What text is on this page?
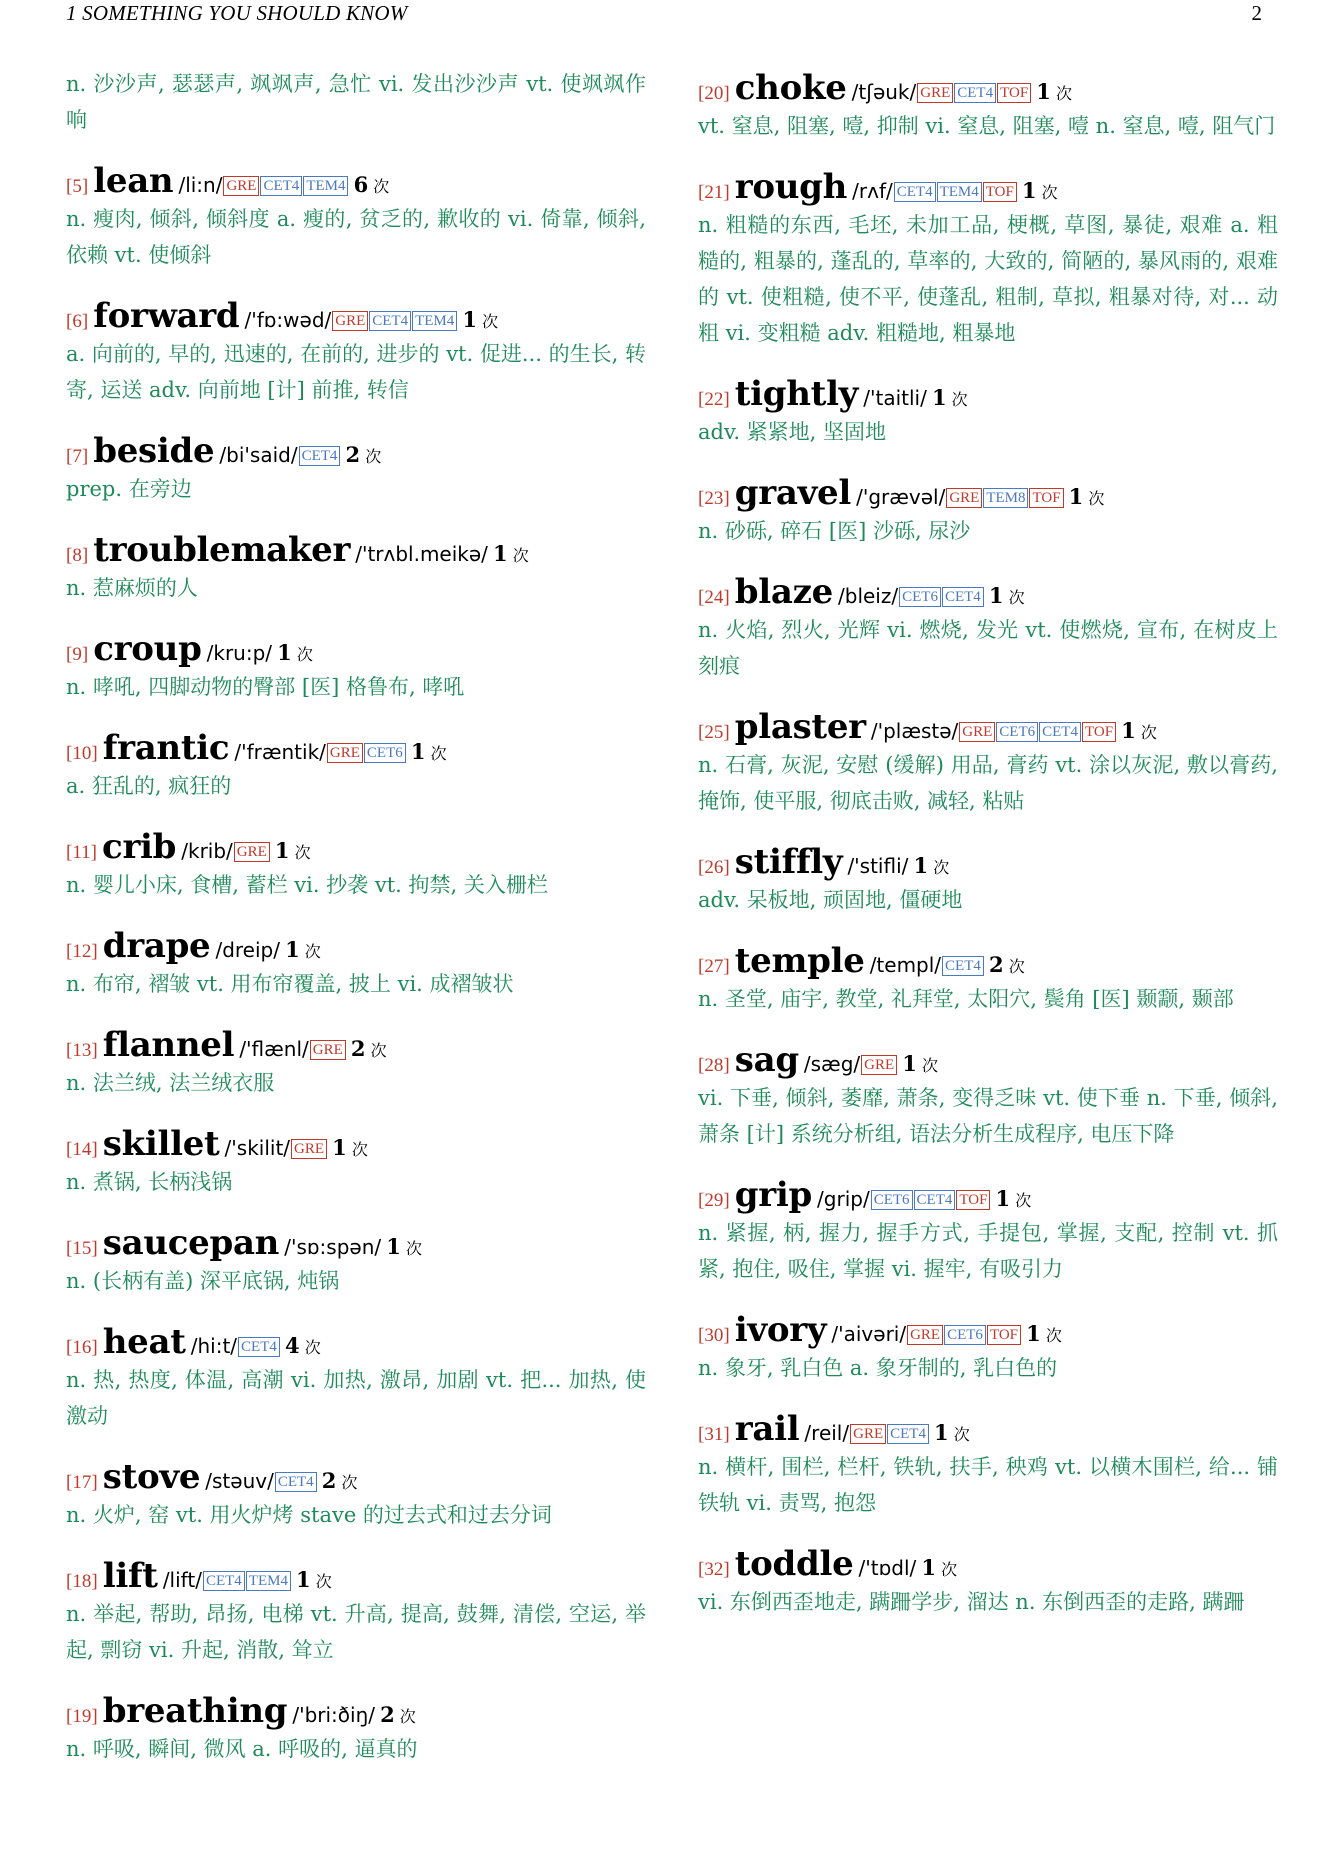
1 SOMETHING YOU SHOULD KNOW	2
n. 沙沙声, 瑟瑟声, 飒飒声, 急忙 vi. 发出沙沙声 vt. 使飒飒作响
[5] lean /li:n/ GRE CET4 TEM4 6 次
n. 瘦肉, 倾斜, 倾斜度 a. 瘦的, 贫乏的, 歉收的 vi. 倚靠, 倾斜, 依赖 vt. 使倾斜
[6] forward /'fɒ:wəd/ GRE CET4 TEM4 1 次
a. 向前的, 早的, 迅速的, 在前的, 进步的 vt. 促进... 的生长, 转寄, 运送 adv. 向前地 [计] 前推, 转信
[7] beside /bi'said/ CET4 2 次
prep. 在旁边
[8] troublemaker /'trʌbl.meikə/ 1 次
n. 惹麻烦的人
[9] croup /kru:p/ 1 次
n. 哮吼, 四脚动物的臀部 [医] 格鲁布, 哮吼
[10] frantic /'fræntik/ GRE CET6 1 次
a. 狂乱的, 疯狂的
[11] crib /krib/ GRE 1 次
n. 婴儿小床, 食槽, 蓄栏 vi. 抄袭 vt. 拘禁, 关入栅栏
[12] drape /dreip/ 1 次
n. 布帘, 褶皱 vt. 用布帘覆盖, 披上 vi. 成褶皱状
[13] flannel /'flænl/ GRE 2 次
n. 法兰绒, 法兰绒衣服
[14] skillet /'skilit/ GRE 1 次
n. 煮锅, 长柄浅锅
[15] saucepan /'sɒ:spən/ 1 次
n. (长柄有盖) 深平底锅, 炖锅
[16] heat /hi:t/ CET4 4 次
n. 热, 热度, 体温, 高潮 vi. 加热, 激昂, 加剧 vt. 把... 加热, 使激动
[17] stove /stəuv/ CET4 2 次
n. 火炉, 窑 vt. 用火炉烤 stave 的过去式和过去分词
[18] lift /lift/ CET4 TEM4 1 次
n. 举起, 帮助, 昂扬, 电梯 vt. 升高, 提高, 鼓舞, 清偿, 空运, 举起, 剽窃 vi. 升起, 消散, 耸立
[19] breathing /'bri:ðiŋ/ 2 次
n. 呼吸, 瞬间, 微风 a. 呼吸的, 逼真的
[20] choke /tʃəuk/ GRE CET4 TOF 1 次
vt. 窒息, 阻塞, 噎, 抑制 vi. 窒息, 阻塞, 噎 n. 窒息, 噎, 阻气门
[21] rough /rʌf/ CET4 TEM4 TOF 1 次
n. 粗糙的东西, 毛坯, 未加工品, 梗概, 草图, 暴徒, 艰难 a. 粗糙的, 粗暴的, 蓬乱的, 草率的, 大致的, 简陋的, 暴风雨的, 艰难的 vt. 使粗糙, 使不平, 使蓬乱, 粗制, 草拟, 粗暴对待, 对... 动粗 vi. 变粗糙 adv. 粗糙地, 粗暴地
[22] tightly /'taitli/ 1 次
adv. 紧紧地, 坚固地
[23] gravel /'grævəl/ GRE TEM8 TOF 1 次
n. 砂砾, 碎石 [医] 沙砾, 尿沙
[24] blaze /bleiz/ CET6 CET4 1 次
n. 火焰, 烈火, 光辉 vi. 燃烧, 发光 vt. 使燃烧, 宣布, 在树皮上刻痕
[25] plaster /'plæstə/ GRE CET6 CET4 TOF 1 次
n. 石膏, 灰泥, 安慰 (缓解) 用品, 膏药 vt. 涂以灰泥, 敷以膏药, 掩饰, 使平服, 彻底击败, 减轻, 粘贴
[26] stiffly /'stifli/ 1 次
adv. 呆板地, 顽固地, 僵硬地
[27] temple /templ/ CET4 2 次
n. 圣堂, 庙宇, 教堂, 礼拜堂, 太阳穴, 鬓角 [医] 颞颥, 颞部
[28] sag /sæg/ GRE 1 次
vi. 下垂, 倾斜, 萎靡, 萧条, 变得乏味 vt. 使下垂 n. 下垂, 倾斜, 萧条 [计] 系统分析组, 语法分析生成程序, 电压下降
[29] grip /grip/ CET6 CET4 TOF 1 次
n. 紧握, 柄, 握力, 握手方式, 手提包, 掌握, 支配, 控制 vt. 抓紧, 抱住, 吸住, 掌握 vi. 握牢, 有吸引力
[30] ivory /'aivəri/ GRE CET6 TOF 1 次
n. 象牙, 乳白色 a. 象牙制的, 乳白色的
[31] rail /reil/ GRE CET4 1 次
n. 横杆, 围栏, 栏杆, 铁轨, 扶手, 秧鸡 vt. 以横木围栏, 给... 铺铁轨 vi. 责骂, 抱怨
[32] toddle /'tɒdl/ 1 次
vi. 东倒西歪地走, 蹒跚学步, 溜达 n. 东倒西歪的走路, 蹒跚
